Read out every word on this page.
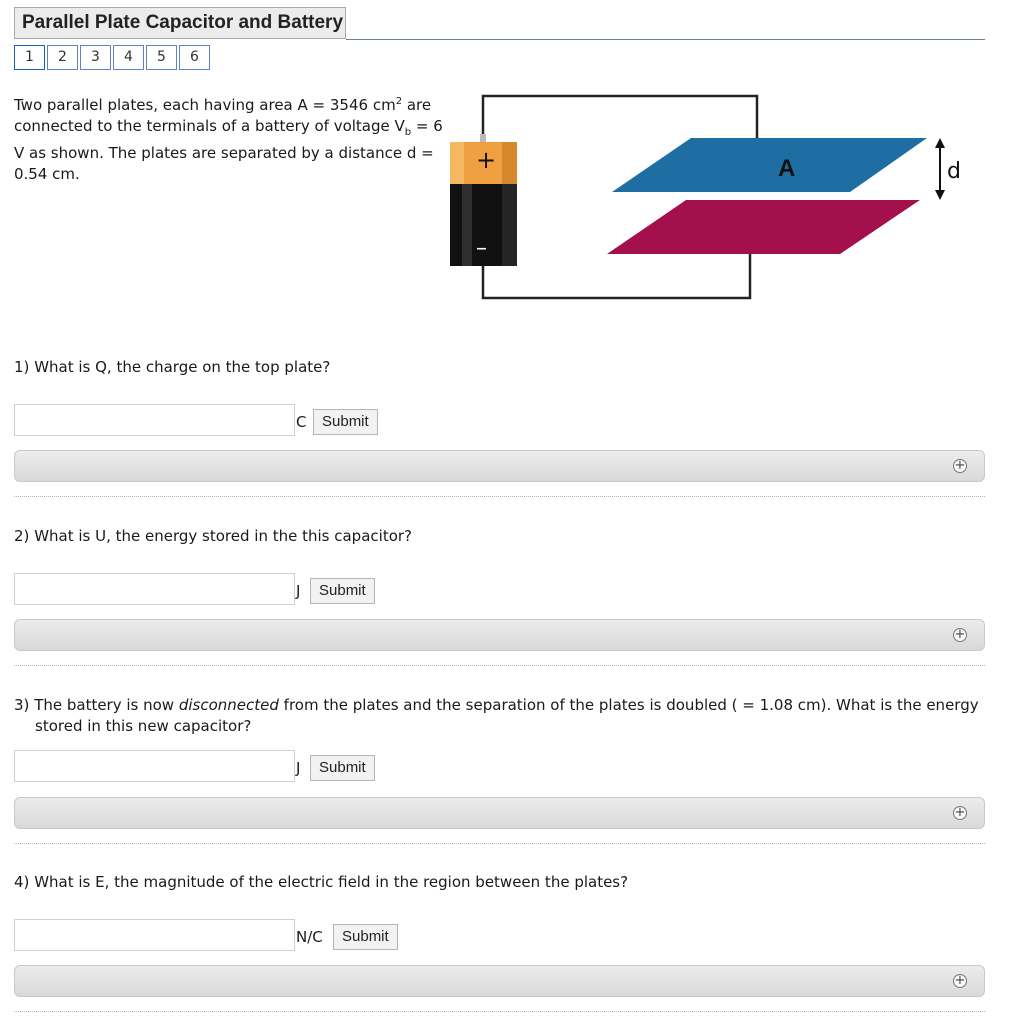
Parallel Plate Capacitor and Battery
1	2	3	4	5	6

Two parallel plates, each having area A = 3546 $cm^2$ are connected to the terminals of a battery of voltage $V_b = 6$ V as shown. The plates are separated by a distance d = 0.54 cm.	+
–
A	d

1) What is Q, the charge on the top plate?

C	Submit
+

2) What is U, the energy stored in the this capacitor?

J	Submit
+

3) The battery is now disconnected from the plates and the separation of the plates is doubled ( = 1.08 cm). What is the energy stored in this new capacitor?

J	Submit
+

4) What is E, the magnitude of the electric field in the region between the plates?

N/C	Submit
+
